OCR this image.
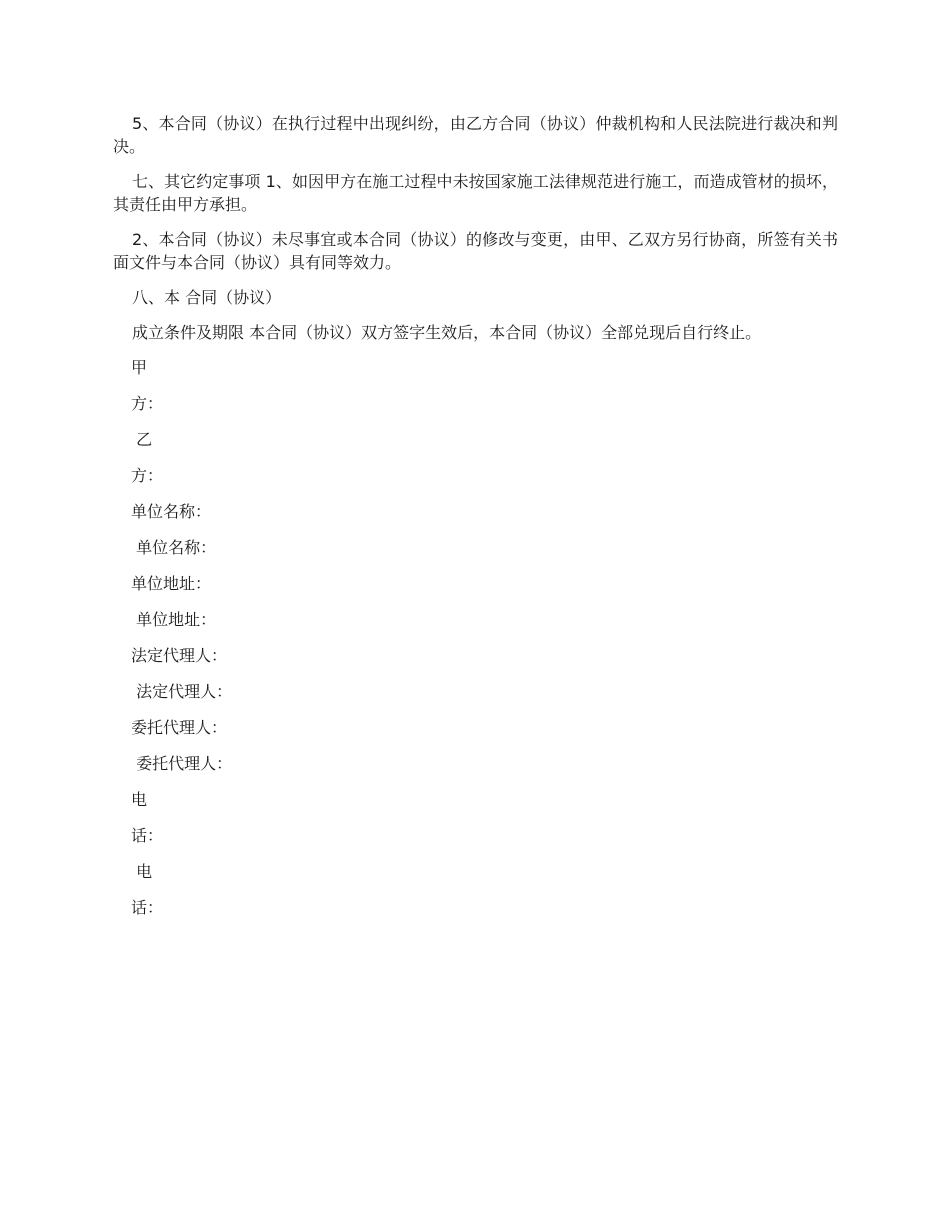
5、本合同（协议）在执行过程中出现纠纷，由乙方合同（协议）仲裁机构和人民法院进行裁决和判决。

七、其它约定事项 1、如因甲方在施工过程中未按国家施工法律规范进行施工，而造成管材的损坏，其责任由甲方承担。

2、本合同（协议）未尽事宜或本合同（协议）的修改与变更，由甲、乙双方另行协商，所签有关书面文件与本合同（协议）具有同等效力。

八、本 合同（协议）

成立条件及期限 本合同（协议）双方签字生效后，本合同（协议）全部兑现后自行终止。

甲
方：
乙
方：
单位名称：
单位名称：
单位地址：
单位地址：
法定代理人：
法定代理人：
委托代理人：
委托代理人：
电
话：
电
话：
